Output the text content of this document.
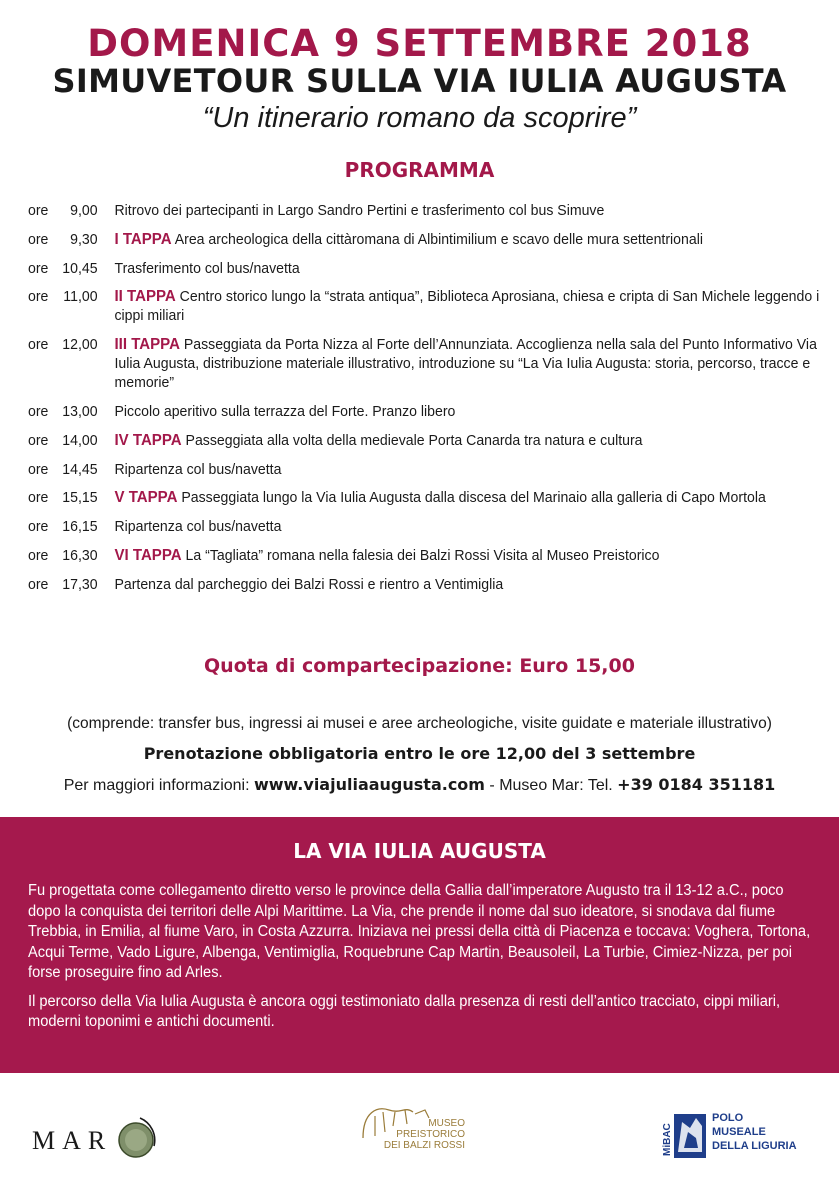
DOMENICA 9 SETTEMBRE 2018
SIMUVETOUR SULLA VIA IULIA AUGUSTA
“Un itinerario romano da scoprire”
PROGRAMMA
ore	9,00 Ritrovo dei partecipanti in Largo Sandro Pertini e trasferimento col bus Simuve
ore	9,30 I TAPPA Area archeologica della cittàromana di Albintimilium e scavo delle mura settentrionali
ore 10,45 Trasferimento col bus/navetta
ore 11,00 II TAPPA Centro storico lungo la “strata antiqua”, Biblioteca Aprosiana, chiesa e cripta di San Michele leggendo i cippi miliari
ore 12,00 III TAPPA Passeggiata da Porta Nizza al Forte dell’Annunziata. Accoglienza nella sala del Punto Informativo Via Iulia Augusta, distribuzione materiale illustrativo, introduzione su “La Via Iulia Augusta: storia, percorso, tracce e memorie”
ore 13,00 Piccolo aperitivo sulla terrazza del Forte. Pranzo libero
ore 14,00 IV TAPPA Passeggiata alla volta della medievale Porta Canarda tra natura e cultura
ore 14,45 Ripartenza col bus/navetta
ore 15,15 V TAPPA Passeggiata lungo la Via Iulia Augusta dalla discesa del Marinaio alla galleria di Capo Mortola
ore 16,15 Ripartenza col bus/navetta
ore 16,30 VI TAPPA La “Tagliata” romana nella falesia dei Balzi Rossi Visita al Museo Preistorico
ore 17,30 Partenza dal parcheggio dei Balzi Rossi e rientro a Ventimiglia
Quota di compartecipazione: Euro 15,00
(comprende: transfer bus, ingressi ai musei e aree archeologiche, visite guidate e materiale illustrativo)
Prenotazione obbligatoria entro le ore 12,00 del 3 settembre
Per maggiori informazioni: www.viajuliaaugusta.com - Museo Mar: Tel. +39 0184 351181
LA VIA IULIA AUGUSTA

Fu progettata come collegamento diretto verso le province della Gallia dall’imperatore Augusto tra il 13-12 a.C., poco dopo la conquista dei territori delle Alpi Marittime. La Via, che prende il nome dal suo ideatore, si snodava dal fiume Trebbia, in Emilia, al fiume Varo, in Costa Azzurra. Iniziava nei pressi della città di Piacenza e toccava: Voghera, Tortona, Acqui Terme, Vado Ligure, Albenga, Ventimiglia, Roquebrune Cap Martin, Beausoleil, La Turbie, Cimiez-Nizza, per poi forse proseguire fino ad Arles.

Il percorso della Via Iulia Augusta è ancora oggi testimoniato dalla presenza di resti dell’antico tracciato, cippi miliari, moderni toponimi e antichi documenti.

MAR
MUSEO
PREISTORICO
DEI BALZI ROSSI	MiBAC
POLO
MUSEALE
DELLA LIGURIA
